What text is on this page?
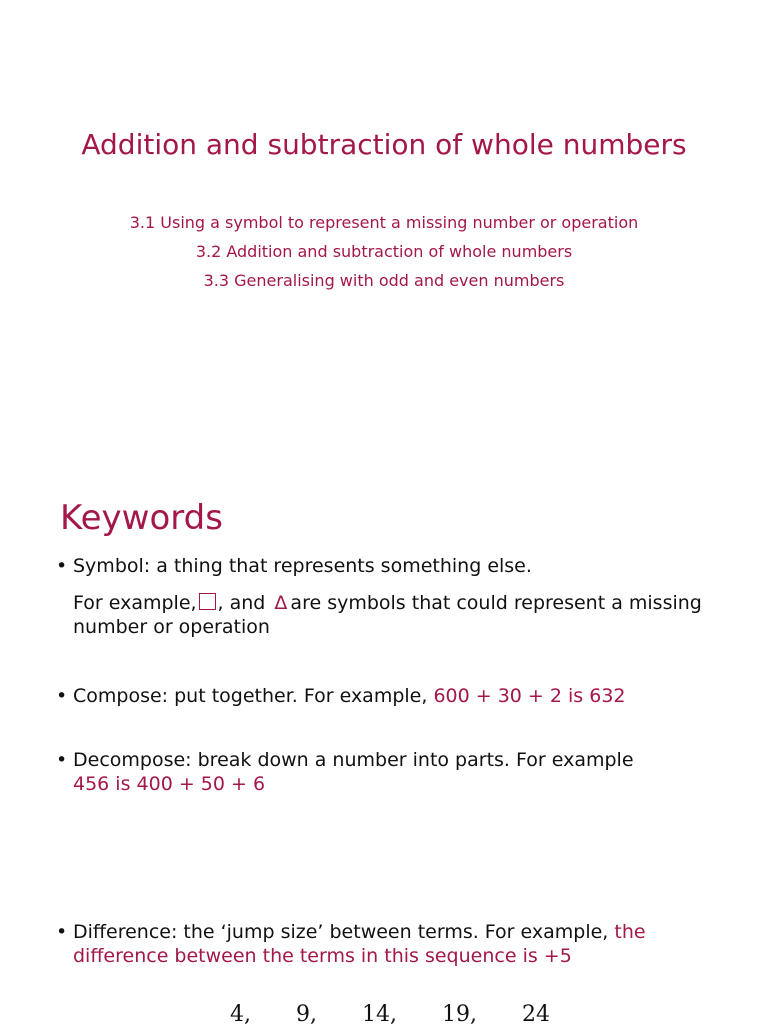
Addition and subtraction of whole numbers
3.1 Using a symbol to represent a missing number or operation
3.2 Addition and subtraction of whole numbers
3.3 Generalising with odd and even numbers
Keywords
• Symbol: a thing that represents something else.
For example, , and Δ are symbols that could represent a missing number or operation
• Compose: put together. For example, 600 + 30 + 2 is 632
• Decompose: break down a number into parts. For example
456 is 400 + 50 + 6
• Difference: the ‘jump size’ between terms. For example, the
difference between the terms in this sequence is +5
4, 9, 14, 19, 24
